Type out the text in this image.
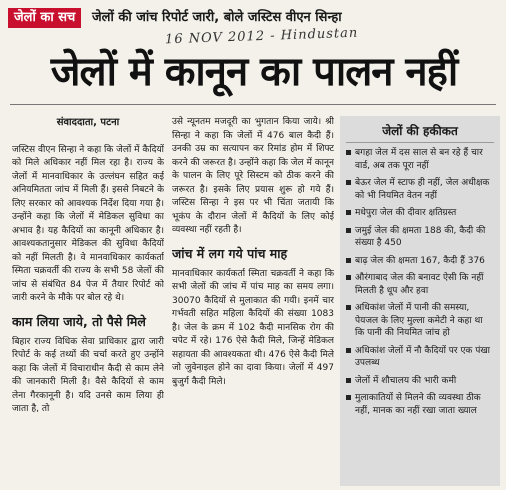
जेलों का सच	जेलों की जांच रिपोर्ट जारी, बोले जस्टिस वीएन सिन्हा
16 NOV 2012 - Hindustan
जेलों में कानून का पालन नहीं
संवाददाता, पटना

जस्टिस वीएन सिन्हा ने कहा कि जेलों में कैदियों को मिले अधिकार नहीं मिल रहा है। राज्य के जेलों में मानवाधिकार के उल्लंघन सहित कई अनियमितता जांच में मिली हैं। इससे निबटने के लिए सरकार को आवश्यक निर्देश दिया गया है। उन्होंने कहा कि जेलों में मेडिकल सुविधा का अभाव है। यह कैदियों का कानूनी अधिकार है। आवश्यकतानुसार मेडिकल की सुविधा कैदियों को नहीं मिलती है। वे मानवाधिकार कार्यकर्ता स्मिता चक्रवर्ती की राज्य के सभी 58 जेलों की जांच से संबंधित 84 पेज में तैयार रिपोर्ट को जारी करने के मौके पर बोल रहे थे।

काम लिया जाये, तो पैसे मिले

बिहार राज्य विधिक सेवा प्राधिकार द्वारा जारी रिपोर्ट के कई तथ्यों की चर्चा करते हुए उन्होंने कहा कि जेलों में विचाराधीन कैदी से काम लेने की जानकारी मिली है। वैसे कैदियों से काम लेना गैरकानूनी है। यदि उनसे काम लिया ही जाता है, तो

उसे न्यूनतम मजदूरी का भुगतान किया जाये। श्री सिन्हा ने कहा कि जेलों में 476 बाल कैदी हैं। उनकी उम्र का सत्यापन कर रिमांड होम में शिफ्ट करने की जरूरत है। उन्होंने कहा कि जेल में कानून के पालन के लिए पूरे सिस्टम को ठीक करने की जरूरत है। इसके लिए प्रयास शुरू हो गये हैं। जस्टिस सिन्हा ने इस पर भी चिंता जतायी कि भूकंप के दौरान जेलों में कैदियों के लिए कोई व्यवस्था नहीं रहती है।

जांच में लग गये पांच माह

मानवाधिकार कार्यकर्ता स्मिता चक्रवर्ती ने कहा कि सभी जेलों की जांच में पांच माह का समय लगा। 30070 कैदियों से मुलाकात की गयी। इनमें चार गर्भवती सहित महिला कैदियों की संख्या 1083 है। जेल के क्रम में 102 कैदी मानसिक रोग की चपेट में रहे। 176 ऐसे कैदी मिले, जिन्हें मेडिकल सहायता की आवश्यकता थी। 476 ऐसे कैदी मिले जो जुवेनाइल होने का दावा किया। जेलों में 497 बुजुर्ग कैदी मिले।

जेलों की हकीकत
बगहा जेल में दस साल से बन रहे हैं चार वार्ड, अब तक पूरा नहीं
बेऊर जेल में स्टाफ ही नहीं, जेल अधीक्षक को भी नियमित वेतन नहीं
मधेपुरा जेल की दीवार क्षतिग्रस्त
जमुई जेल की क्षमता 188 की, कैदी की संख्या है 450
बाढ़ जेल की क्षमता 167, कैदी हैं 376
औरंगाबाद जेल की बनावट ऐसी कि नहीं मिलती है धूप और हवा
अधिकांश जेलों में पानी की समस्या, पेयजल के लिए मुल्ला कमेटी ने कहा था कि पानी की नियमित जांच हो
अधिकांश जेलों में नौ कैदियों पर एक पंखा उपलब्ध
जेलों में शौचालय की भारी कमी
मुलाकातियों से मिलने की व्यवस्था ठीक नहीं, मानक का नहीं रखा जाता ख्याल
